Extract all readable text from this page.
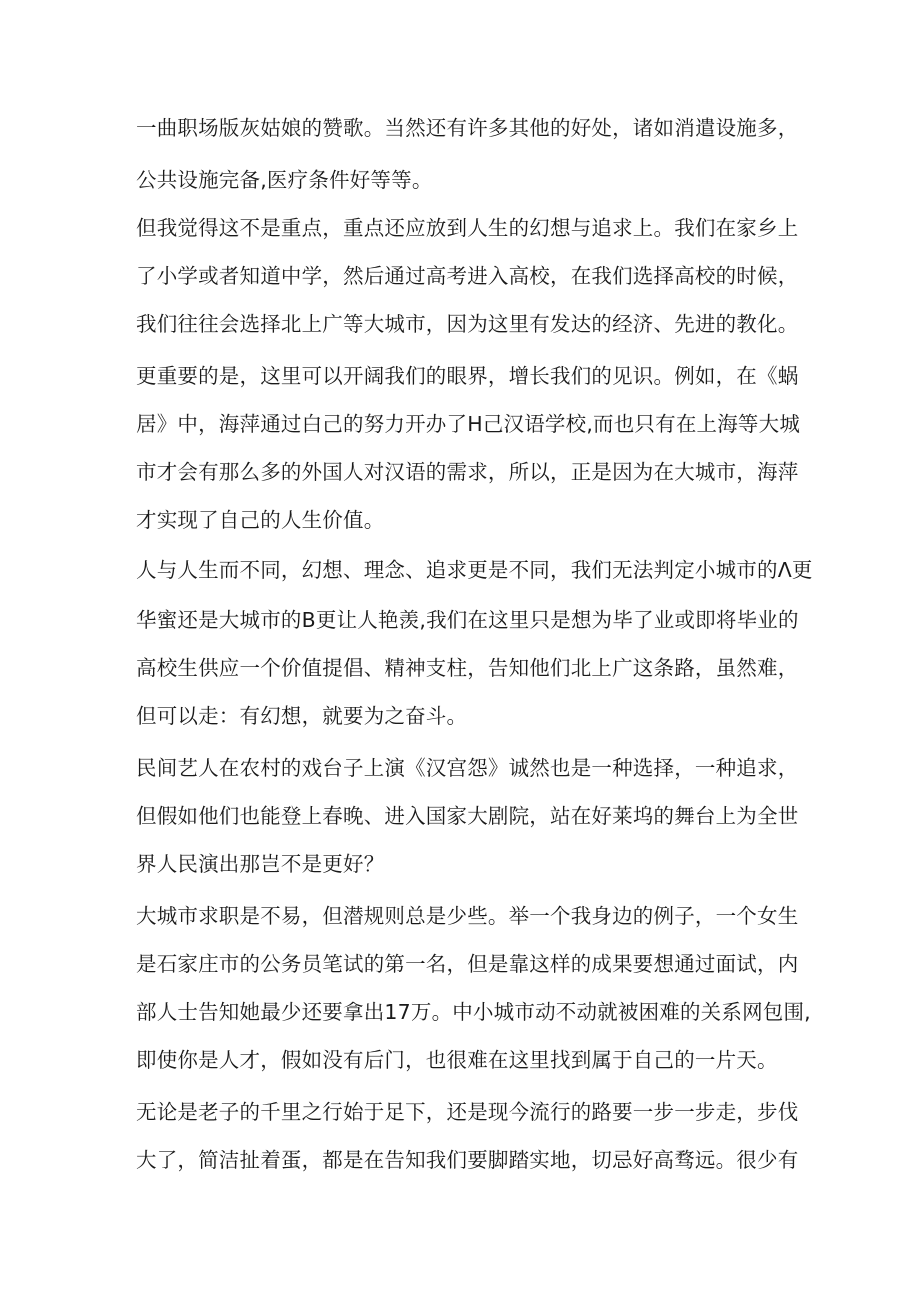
一曲职场版灰姑娘的赞歌。当然还有许多其他的好处，诸如消遣设施多，
公共设施完备,医疗条件好等等。
但我觉得这不是重点，重点还应放到人生的幻想与追求上。我们在家乡上
了小学或者知道中学，然后通过高考进入高校，在我们选择高校的时候，
我们往往会选择北上广等大城市，因为这里有发达的经济、先进的教化。
更重要的是，这里可以开阔我们的眼界，增长我们的见识。例如，在《蜗
居》中，海萍通过白己的努力开办了H己汉语学校,而也只有在上海等大城
市才会有那么多的外国人对汉语的需求，所以，正是因为在大城市，海萍
才实现了自己的人生价值。
人与人生而不同，幻想、理念、追求更是不同，我们无法判定小城市的Λ更
华蜜还是大城市的B更让人艳羡,我们在这里只是想为毕了业或即将毕业的
高校生供应一个价值提倡、精神支柱，告知他们北上广这条路，虽然难，
但可以走：有幻想，就要为之奋斗。
民间艺人在农村的戏台子上演《汉宫怨》诚然也是一种选择，一种追求，
但假如他们也能登上春晚、进入国家大剧院，站在好莱坞的舞台上为全世
界人民演出那岂不是更好？
大城市求职是不易，但潜规则总是少些。举一个我身边的例子，一个女生
是石家庄市的公务员笔试的第一名，但是靠这样的成果要想通过面试，内
部人士告知她最少还要拿出17万。中小城市动不动就被困难的关系网包围,
即使你是人才，假如没有后门，也很难在这里找到属于自己的一片天。
无论是老子的千里之行始于足下，还是现今流行的路要一步一步走，步伐
大了，简洁扯着蛋，都是在告知我们要脚踏实地，切忌好高骛远。很少有
